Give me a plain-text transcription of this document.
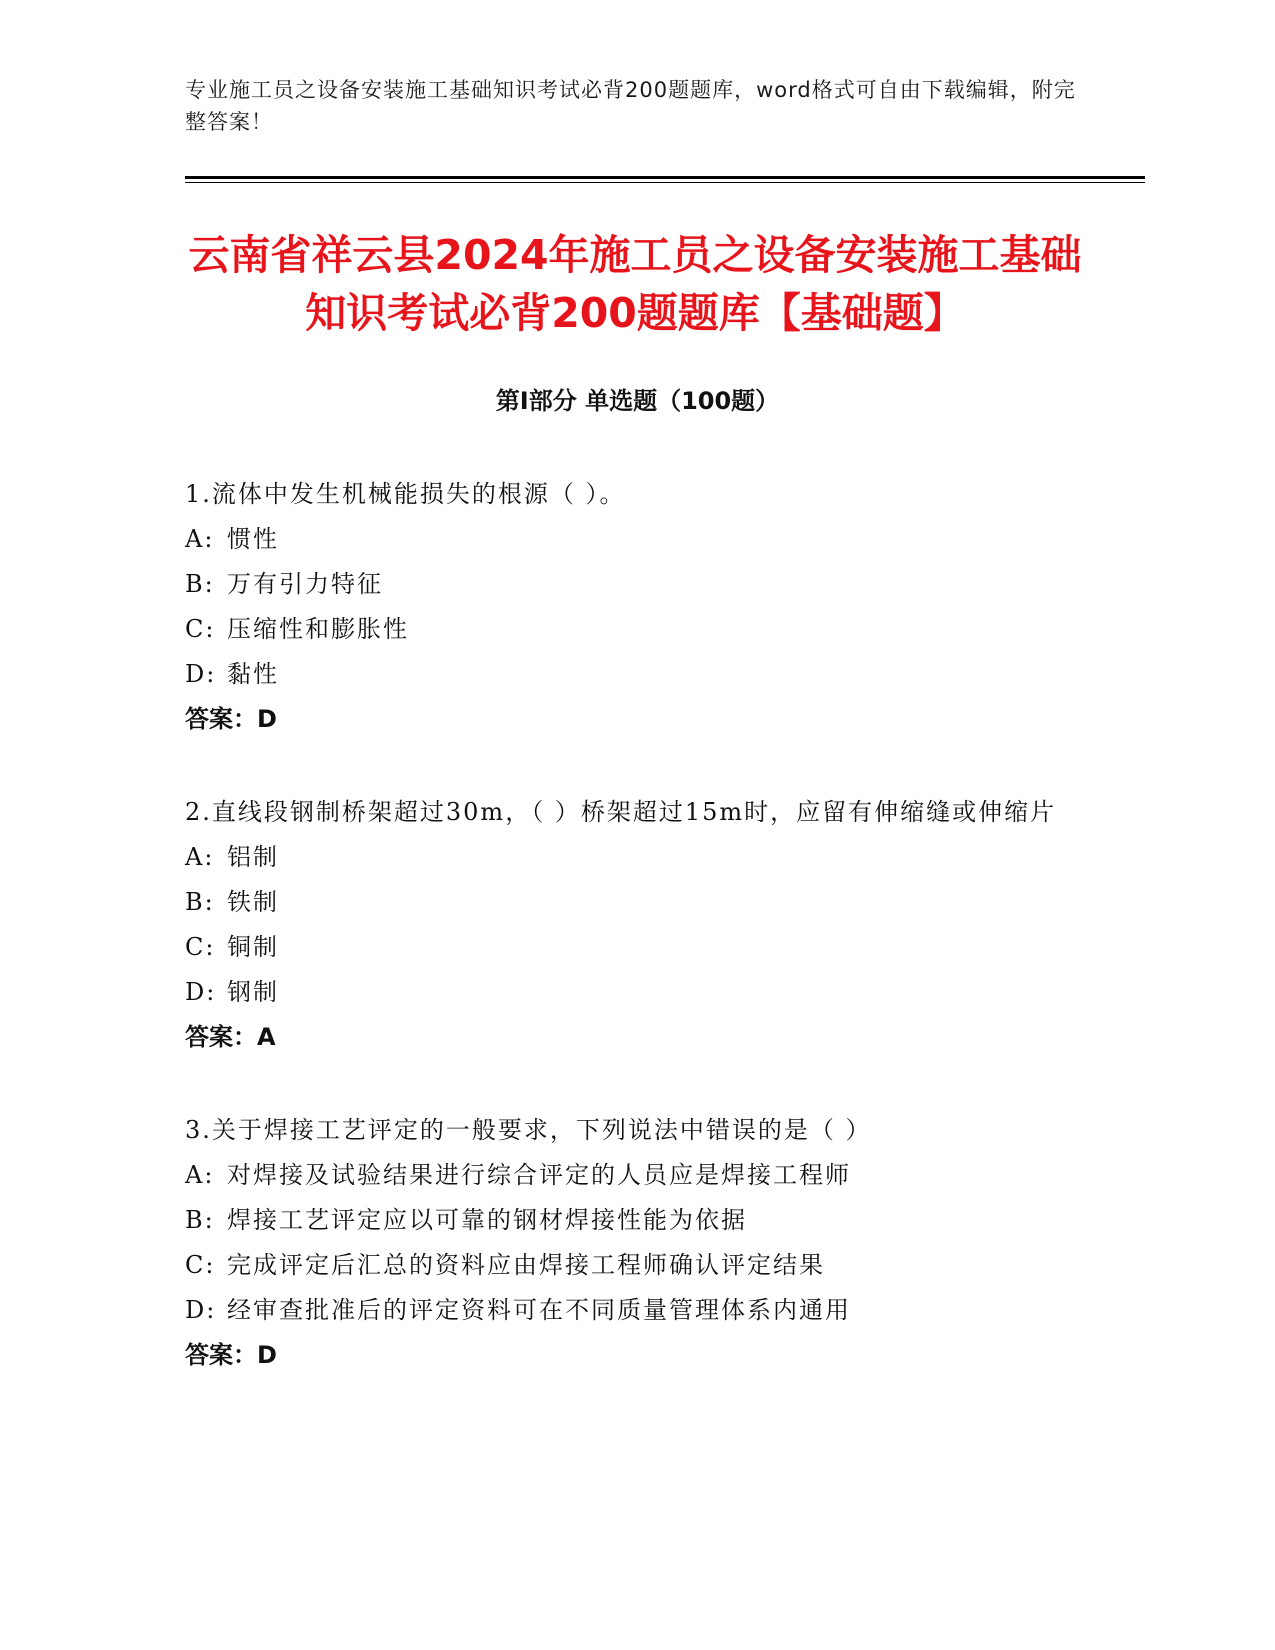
专业施工员之设备安装施工基础知识考试必背200题题库，word格式可自由下载编辑，附完整答案！
云南省祥云县2024年施工员之设备安装施工基础知识考试必背200题题库【基础题】
第I部分 单选题（100题）
1.流体中发生机械能损失的根源（ ）。
A: 惯性
B: 万有引力特征
C: 压缩性和膨胀性
D: 黏性
答案：D
2.直线段钢制桥架超过30m，（ ）桥架超过15m时，应留有伸缩缝或伸缩片
A: 铝制
B: 铁制
C: 铜制
D: 钢制
答案：A
3.关于焊接工艺评定的一般要求，下列说法中错误的是（ ）
A: 对焊接及试验结果进行综合评定的人员应是焊接工程师
B: 焊接工艺评定应以可靠的钢材焊接性能为依据
C: 完成评定后汇总的资料应由焊接工程师确认评定结果
D: 经审查批准后的评定资料可在不同质量管理体系内通用
答案：D
